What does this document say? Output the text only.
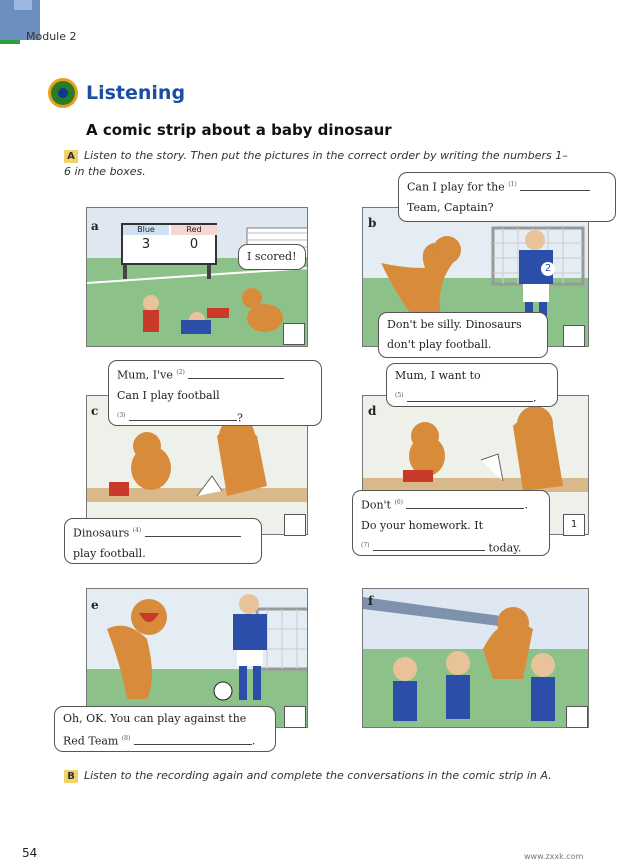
Module 2
Listening
A comic strip about a baby dinosaur
A Listen to the story. Then put the pictures in the correct order by writing the numbers 1–6 in the boxes.
Blue	Red
3	0
a
I scored!
2
b
Can I play for the $^{(1)}$
Team, Captain?
Don't be silly. Dinosaurs
don't play football.
c
Mum, I've $^{(2)}$
Can I play football
$^{(3)}$	?
Dinosaurs $^{(4)}$
play football.
d
Mum, I want to
$^{(5)}$	.
Don't $^{(6)}$	.
Do your homework. It
$^{(7)}$	today.
1
e
Oh, OK. You can play against the
Red Team $^{(8)}$	.
f
B Listen to the recording again and complete the conversations in the comic strip in A.
54	www.zxxk.com
